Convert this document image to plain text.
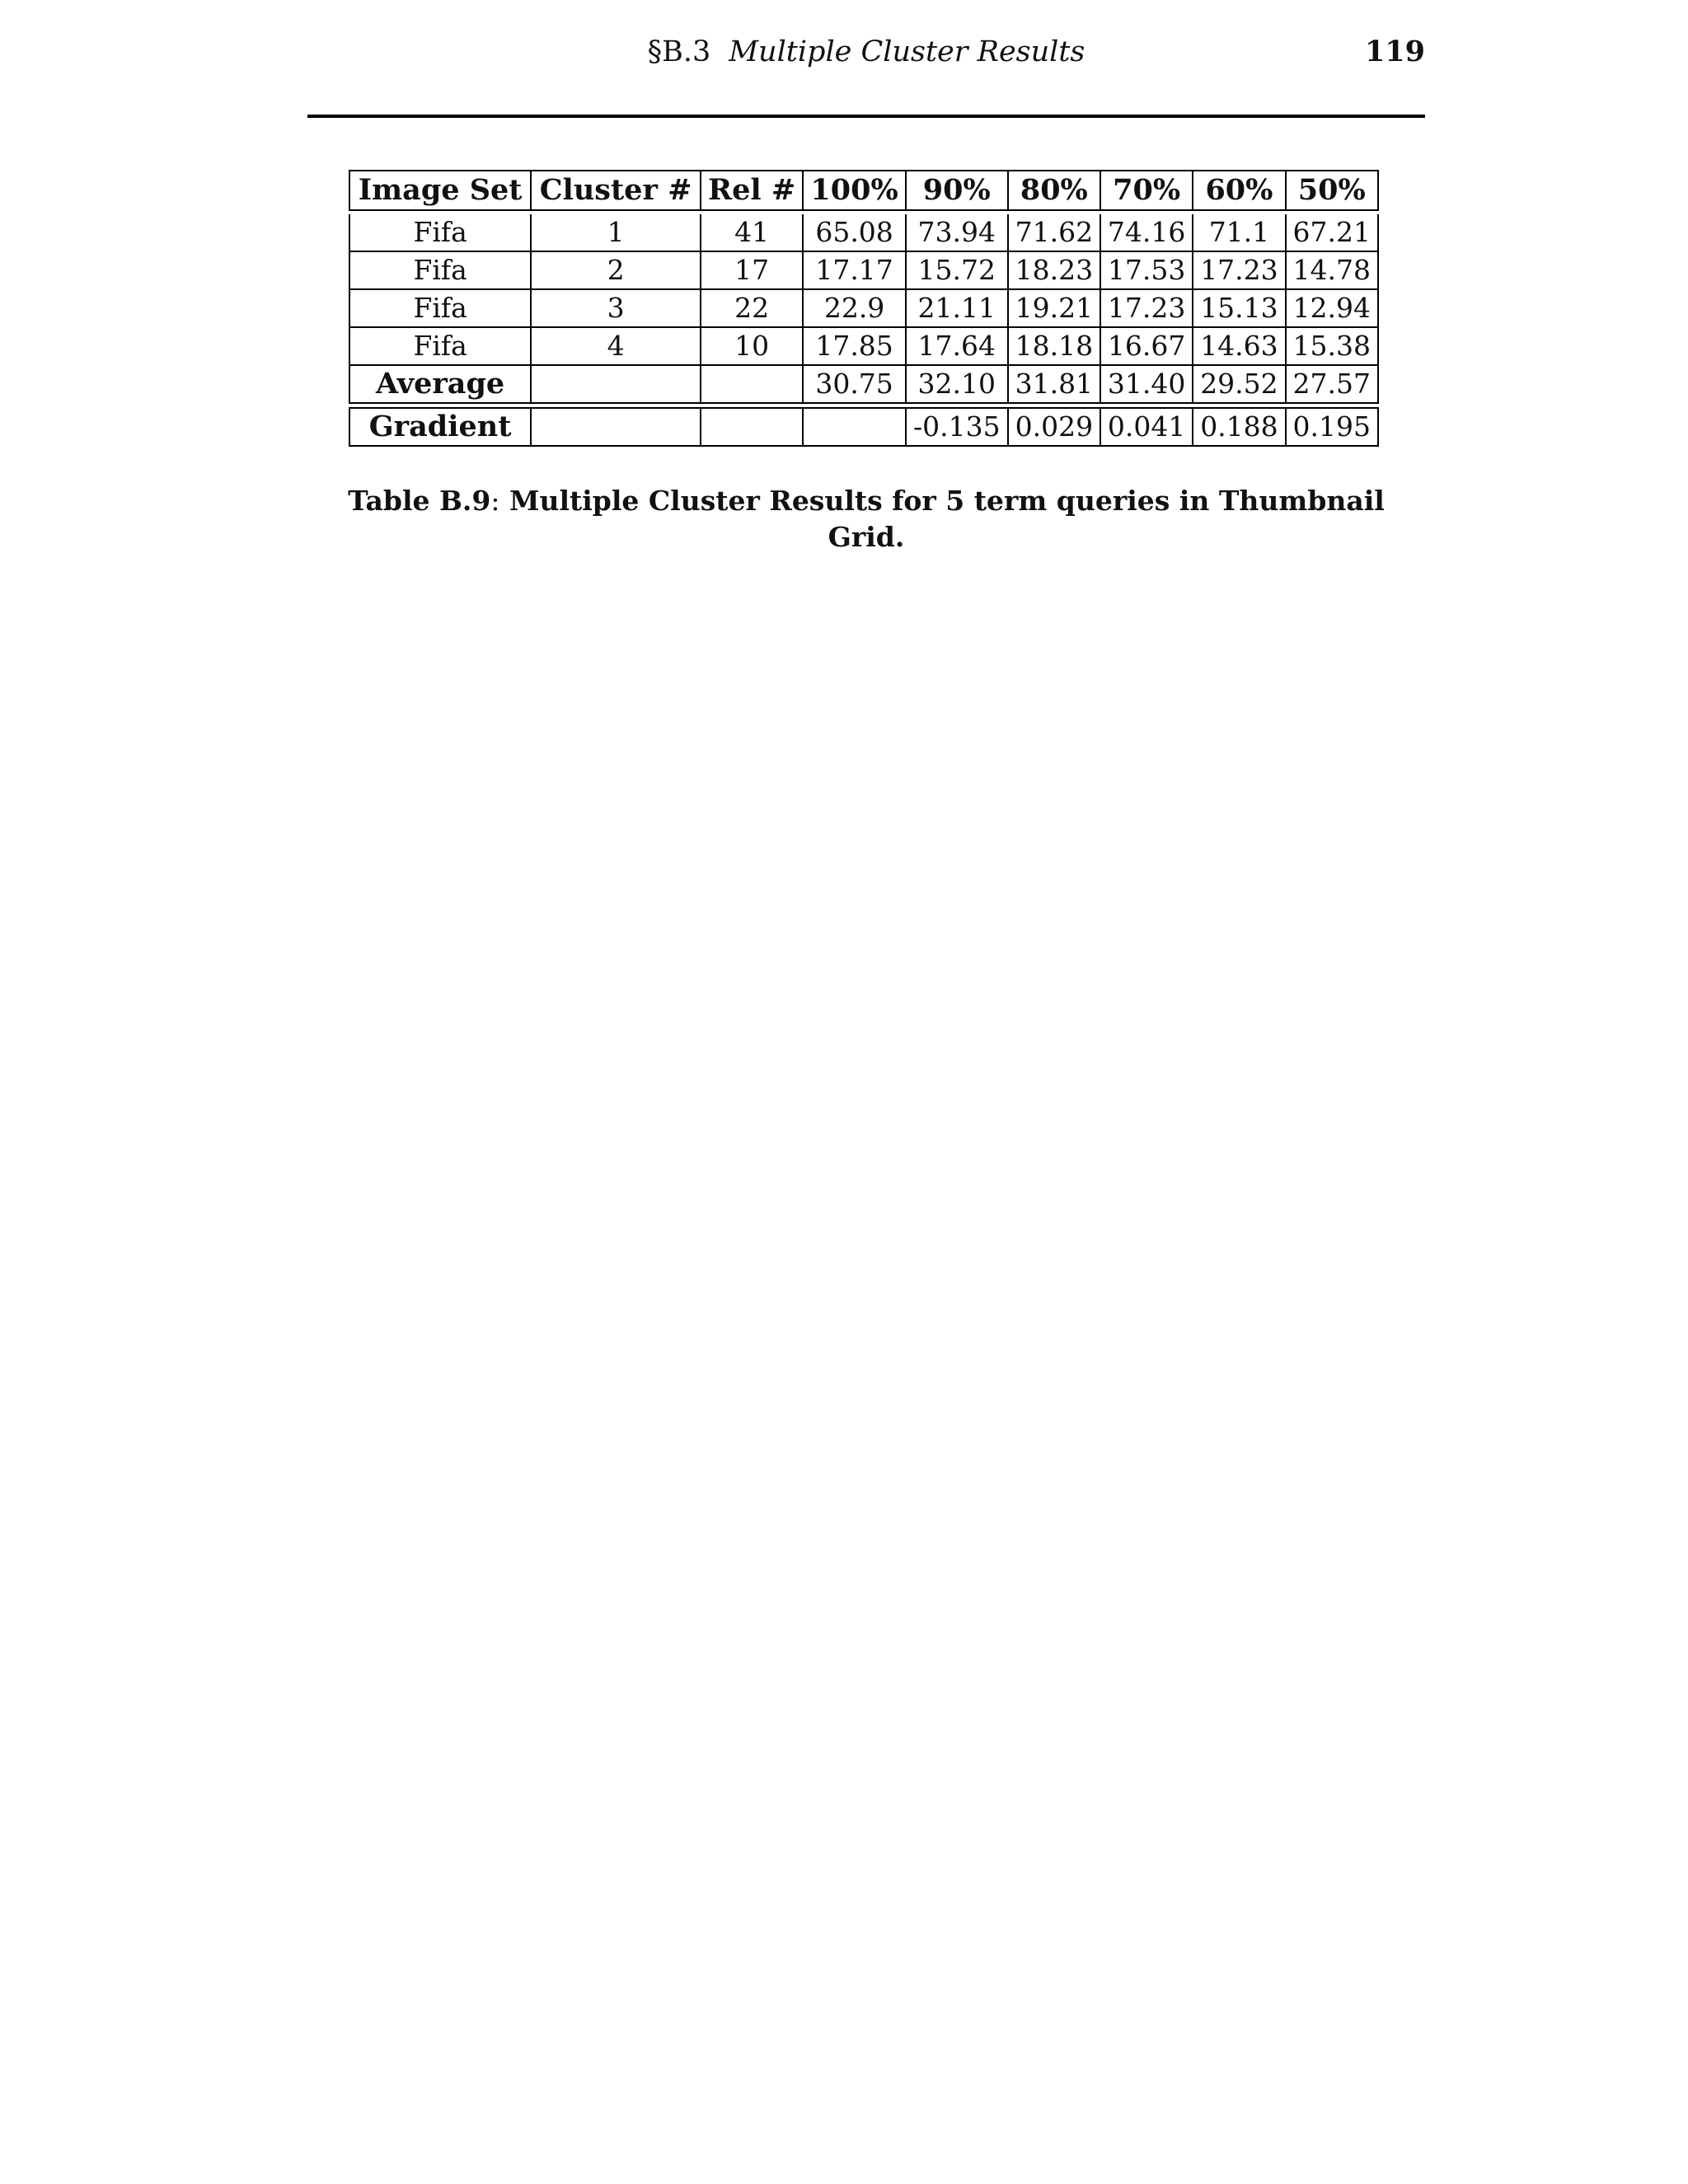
§B.3 Multiple Cluster Results	119
Image Set	Cluster #	Rel #	100%	90%	80%	70%	60%	50%

Fifa	1	41	65.08	73.94	71.62	74.16	71.1	67.21
Fifa	2	17	17.17	15.72	18.23	17.53	17.23	14.78
Fifa	3	22	22.9	21.11	19.21	17.23	15.13	12.94
Fifa	4	10	17.85	17.64	18.18	16.67	14.63	15.38
Average			30.75	32.10	31.81	31.40	29.52	27.57

Gradient				-0.135	0.029	0.041	0.188	0.195
Table B.9: Multiple Cluster Results for 5 term queries in Thumbnail Grid.
